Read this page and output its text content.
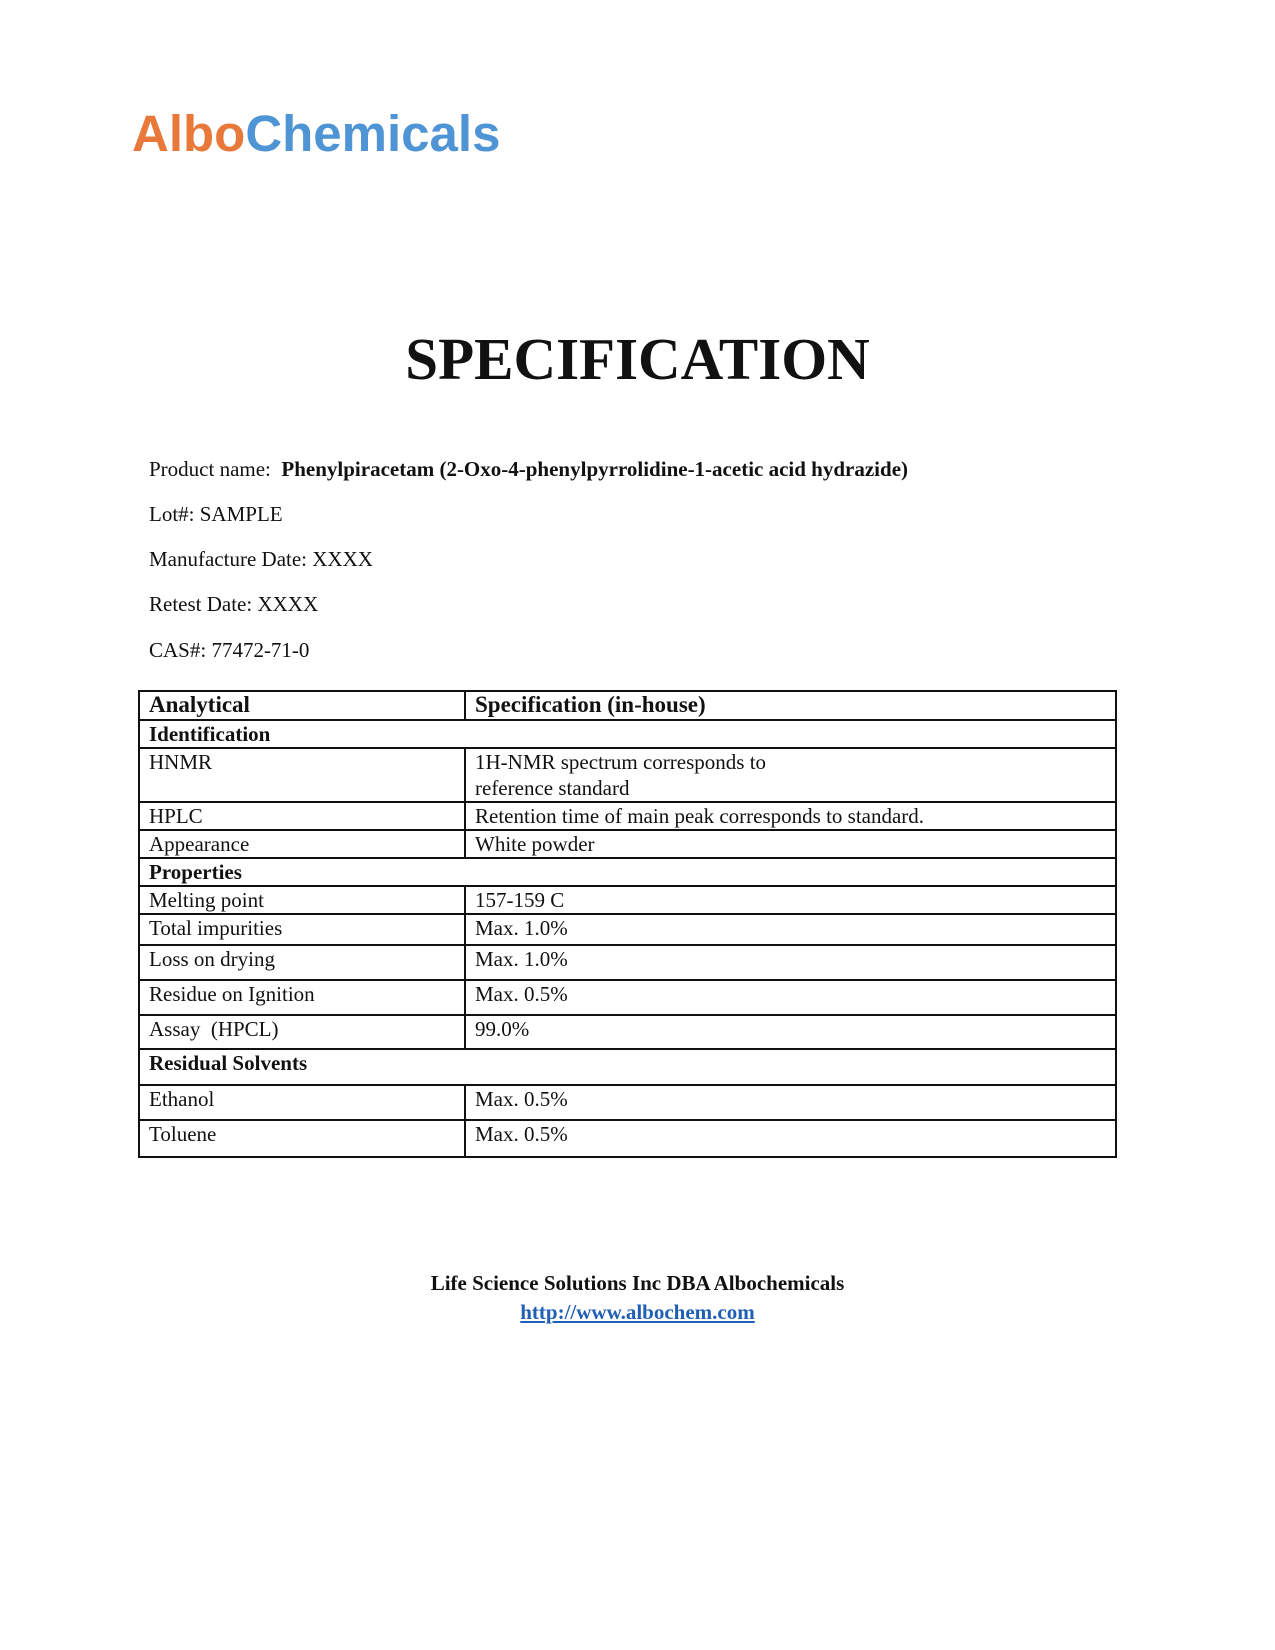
AlboChemicals
SPECIFICATION
Product name: Phenylpiracetam (2-Oxo-4-phenylpyrrolidine-1-acetic acid hydrazide)
Lot#: SAMPLE
Manufacture Date: XXXX
Retest Date: XXXX
CAS#: 77472-71-0
Analytical	Specification (in-house)
Identification	
HNMR	1H-NMR spectrum corresponds to
reference standard
HPLC	Retention time of main peak corresponds to standard.
Appearance	White powder
Properties	
Melting point	157-159 C
Total impurities	Max. 1.0%
Loss on drying	Max. 1.0%
Residue on Ignition	Max. 0.5%
Assay  (HPCL)	99.0%
Residual Solvents	
Ethanol	Max. 0.5%
Toluene	Max. 0.5%
Life Science Solutions Inc DBA Albochemicals
http://www.albochem.com
